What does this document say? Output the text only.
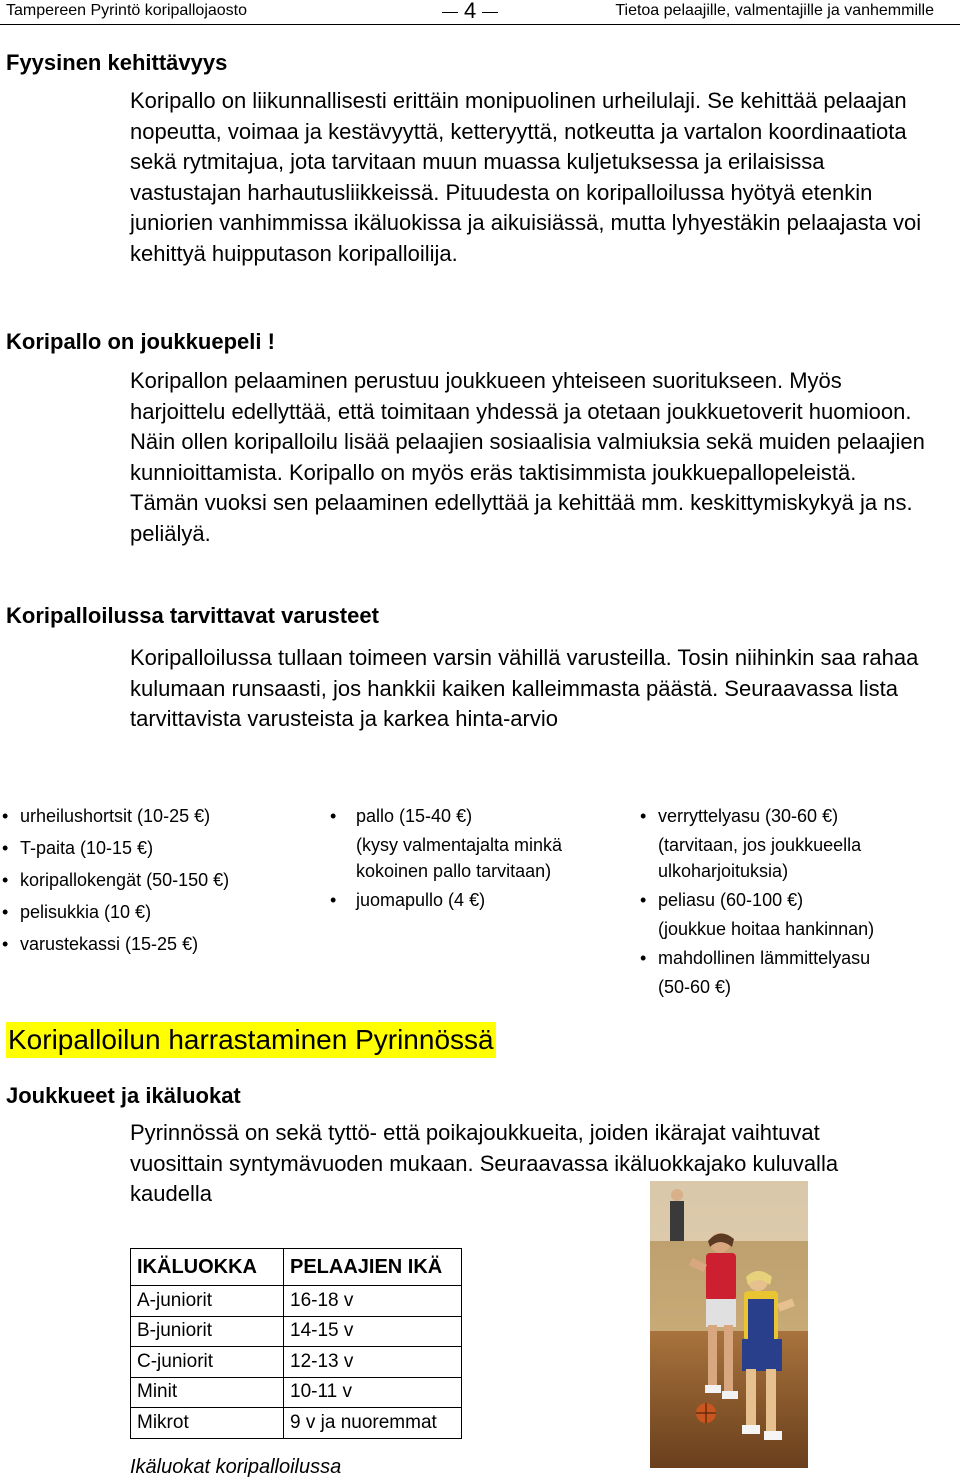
Tampereen Pyrintö koripallojaosto	4	Tietoa pelaajille, valmentajille ja vanhemmille
Fyysinen kehittävyys
Koripallo on liikunnallisesti erittäin monipuolinen urheilulaji. Se kehittää pelaajan nopeutta, voimaa ja kestävyyttä, ketteryyttä, notkeutta ja vartalon koordinaatiota sekä rytmitajua, jota tarvitaan muun muassa kuljetuksessa ja erilaisissa vastustajan harhautusliikkeissä. Pituudesta on koripalloilussa hyötyä etenkin juniorien vanhimmissa ikäluokissa ja aikuisiässä, mutta lyhyestäkin pelaajasta voi kehittyä huipputason koripalloilija.
Koripallo on joukkuepeli !
Koripallon pelaaminen perustuu joukkueen yhteiseen suoritukseen. Myös harjoittelu edellyttää, että toimitaan yhdessä ja otetaan joukkuetoverit huomioon. Näin ollen koripalloilu lisää pelaajien sosiaalisia valmiuksia sekä muiden pelaajien kunnioittamista. Koripallo on myös eräs taktisimmista joukkuepallopeleistä. Tämän vuoksi sen pelaaminen edellyttää ja kehittää mm. keskittymiskykyä ja ns. peliälyä.
Koripalloilussa tarvittavat varusteet
Koripalloilussa tullaan toimeen varsin vähillä varusteilla. Tosin niihinkin saa rahaa kulumaan runsaasti, jos hankkii kaiken kalleimmasta päästä. Seuraavassa lista tarvittavista varusteista ja karkea hinta-arvio
• urheilushortsit (10-25 €)
• T-paita (10-15 €)
• koripallokengät (50-150 €)
• pelisukkia (10 €)
• varustekassi (15-25 €)
• pallo (15-40 €)
(kysy valmentajalta minkä kokoinen pallo tarvitaan)
• juomapullo (4 €)
• verryttelyasu (30-60 €)
(tarvitaan, jos joukkueella ulkoharjoituksia)
• peliasu (60-100 €)
(joukkue hoitaa hankinnan)
• mahdollinen lämmittelyasu
(50-60 €)
Koripalloilun harrastaminen Pyrinnössä
Joukkueet ja ikäluokat
Pyrinnössä on sekä tyttö- että poikajoukkueita, joiden ikärajat vaihtuvat vuosittain syntymävuoden mukaan. Seuraavassa ikäluokkajako kuluvalla kaudella
IKÄLUOKKA	PELAAJIEN IKÄ
A-juniorit	16-18 v
B-juniorit	14-15 v
C-juniorit	12-13 v
Minit	10-11 v
Mikrot	9 v ja nuoremmat
Ikäluokat koripalloilussa
